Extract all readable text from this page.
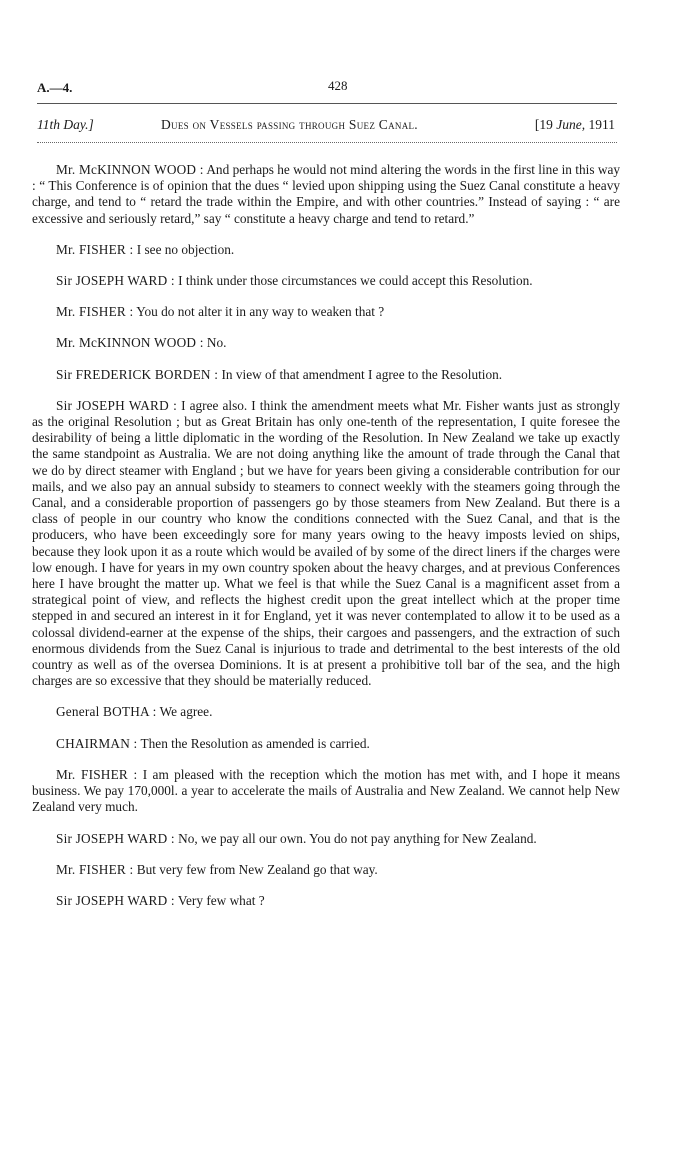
A.—4.	428
11th Day.]	Dues on Vessels passing through Suez Canal.	[19 June, 1911

Mr. McKINNON WOOD : And perhaps he would not mind altering the words in the first line in this way : “ This Conference is of opinion that the dues “ levied upon shipping using the Suez Canal constitute a heavy charge, and tend to “ retard the trade within the Empire, and with other countries.” Instead of saying : “ are excessive and seriously retard,” say “ constitute a heavy charge and tend to retard.”

Mr. FISHER : I see no objection.

Sir JOSEPH WARD : I think under those circumstances we could accept this Resolution.

Mr. FISHER : You do not alter it in any way to weaken that ?

Mr. McKINNON WOOD : No.

Sir FREDERICK BORDEN : In view of that amendment I agree to the Resolution.

Sir JOSEPH WARD : I agree also. I think the amendment meets what Mr. Fisher wants just as strongly as the original Resolution ; but as Great Britain has only one-tenth of the representation, I quite foresee the desirability of being a little diplomatic in the wording of the Resolution. In New Zealand we take up exactly the same standpoint as Australia. We are not doing anything like the amount of trade through the Canal that we do by direct steamer with England ; but we have for years been giving a considerable contribution for our mails, and we also pay an annual subsidy to steamers to connect weekly with the steamers going through the Canal, and a considerable proportion of passengers go by those steamers from New Zealand. But there is a class of people in our country who know the conditions connected with the Suez Canal, and that is the producers, who have been exceedingly sore for many years owing to the heavy imposts levied on ships, because they look upon it as a route which would be availed of by some of the direct liners if the charges were low enough. I have for years in my own country spoken about the heavy charges, and at previous Conferences here I have brought the matter up. What we feel is that while the Suez Canal is a magnificent asset from a strategical point of view, and reflects the highest credit upon the great intellect which at the proper time stepped in and secured an interest in it for England, yet it was never contemplated to allow it to be used as a colossal dividend-earner at the expense of the ships, their cargoes and passengers, and the extraction of such enormous dividends from the Suez Canal is injurious to trade and detrimental to the best interests of the old country as well as of the oversea Dominions. It is at present a prohibitive toll bar of the sea, and the high charges are so excessive that they should be materially reduced.

General BOTHA : We agree.

CHAIRMAN : Then the Resolution as amended is carried.

Mr. FISHER : I am pleased with the reception which the motion has met with, and I hope it means business. We pay 170,000l. a year to accelerate the mails of Australia and New Zealand. We cannot help New Zealand very much.

Sir JOSEPH WARD : No, we pay all our own. You do not pay anything for New Zealand.

Mr. FISHER : But very few from New Zealand go that way.

Sir JOSEPH WARD : Very few what ?
